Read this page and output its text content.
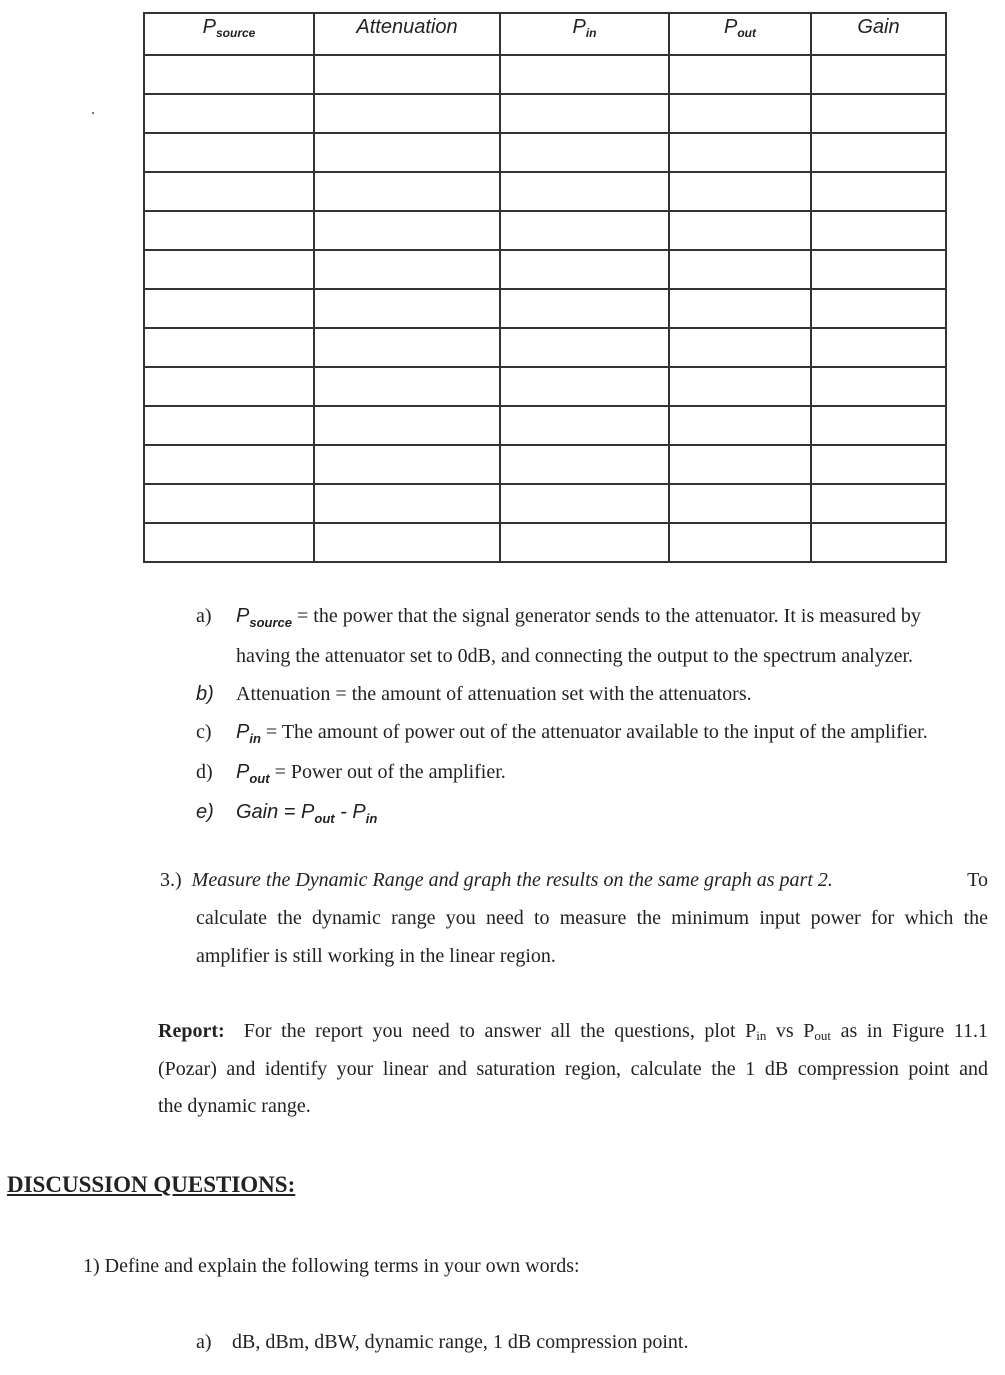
$P_{source}$	Attenuation	$P_{in}$	$P_{out}$	Gain

a)	$P_{source}$ = the power that the signal generator sends to the attenuator. It is measured by
having the attenuator set to 0dB, and connecting the output to the spectrum analyzer.
b)	Attenuation = the amount of attenuation set with the attenuators.
c)	$P_{in}$ = The amount of power out of the attenuator available to the input of the amplifier.
d)	$P_{out}$ = Power out of the amplifier.
e)	Gain = $P_{out} - P_{in}$
3.) Measure the Dynamic Range and graph the results on the same graph as part 2.	To
calculate the dynamic range you need to measure the minimum input power for which the
amplifier is still working in the linear region.
Report: For the report you need to answer all the questions, plot Pin vs Pout as in Figure 11.1
(Pozar) and identify your linear and saturation region, calculate the 1 dB compression point and
the dynamic range.
DISCUSSION QUESTIONS:
1) Define and explain the following terms in your own words:
a) dB, dBm, dBW, dynamic range, 1 dB compression point.
